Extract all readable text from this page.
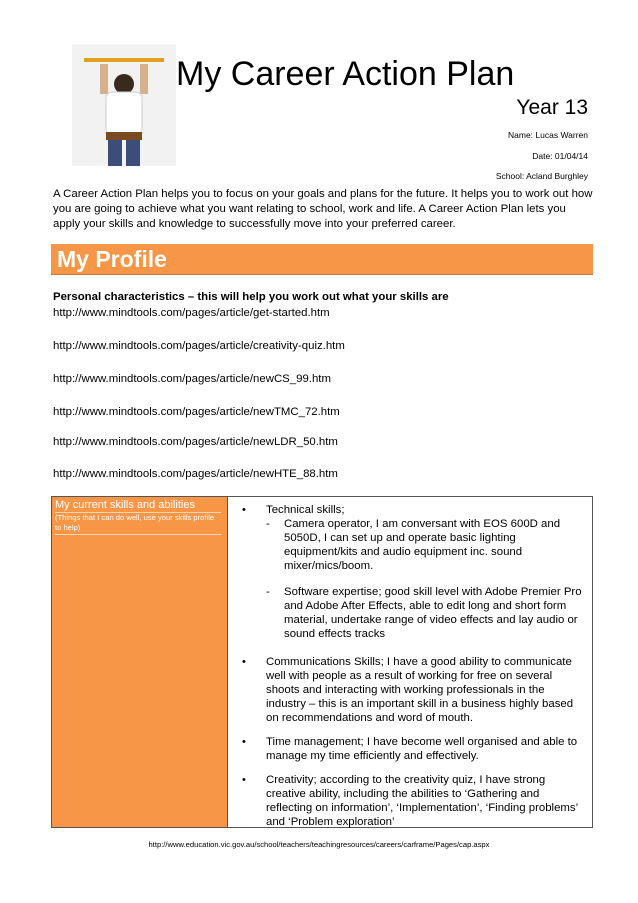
My Career Action Plan
Year 13
Name: Lucas Warren
Date: 01/04/14
School: Acland Burghley
A Career Action Plan helps you to focus on your goals and plans for the future. It helps you to work out how you are going to achieve what you want relating to school, work and life. A Career Action Plan lets you apply your skills and knowledge to successfully move into your preferred career.
My Profile
Personal characteristics – this will help you work out what your skills are
http://www.mindtools.com/pages/article/get-started.htm
http://www.mindtools.com/pages/article/creativity-quiz.htm
http://www.mindtools.com/pages/article/newCS_99.htm
http://www.mindtools.com/pages/article/newTMC_72.htm
http://www.mindtools.com/pages/article/newLDR_50.htm
http://www.mindtools.com/pages/article/newHTE_88.htm
My current skills and abilities
(Things that I can do well, use your skills profile to help)
• Technical skills;
- Camera operator, I am conversant with EOS 600D and 5050D, I can set up and operate basic lighting equipment/kits and audio equipment inc. sound mixer/mics/boom.
- Software expertise; good skill level with Adobe Premier Pro and Adobe After Effects, able to edit long and short form material, undertake range of video effects and lay audio or sound effects tracks
• Communications Skills; I have a good ability to communicate well with people as a result of working for free on several shoots and interacting with working professionals in the industry – this is an important skill in a business highly based on recommendations and word of mouth.
• Time management; I have become well organised and able to manage my time efficiently and effectively.
• Creativity; according to the creativity quiz, I have strong creative ability, including the abilities to ‘Gathering and reflecting on information’, ‘Implementation’, ‘Finding problems’ and ‘Problem exploration’
http://www.education.vic.gov.au/school/teachers/teachingresources/careers/carframe/Pages/cap.aspx
